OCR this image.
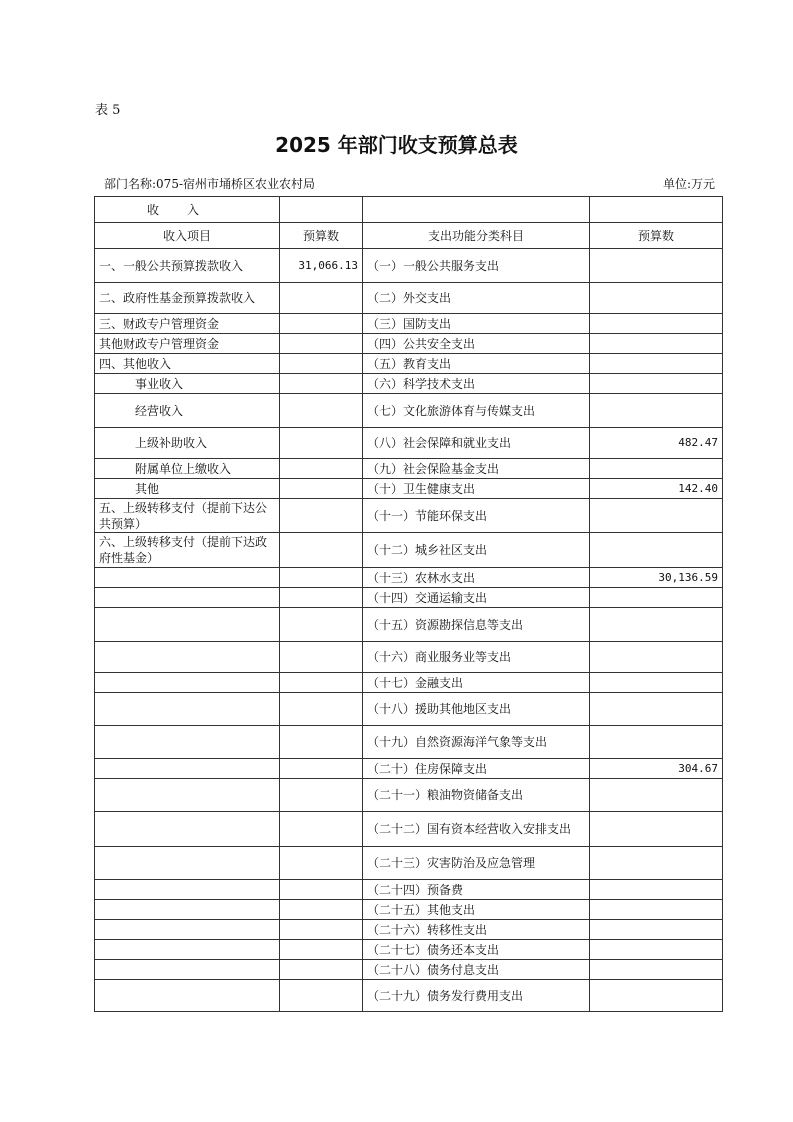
表 5
2025 年部门收支预算总表
部门名称:075-宿州市埇桥区农业农村局	单位:万元
收入			
收入项目	预算数	支出功能分类科目	预算数
一、一般公共预算拨款收入	31,066.13	（一）一般公共服务支出	
二、政府性基金预算拨款收入		（二）外交支出	
三、财政专户管理资金		（三）国防支出	
其他财政专户管理资金		（四）公共安全支出	
四、其他收入		（五）教育支出	
事业收入		（六）科学技术支出	
经营收入		（七）文化旅游体育与传媒支出	
上级补助收入		（八）社会保障和就业支出	482.47
附属单位上缴收入		（九）社会保险基金支出	
其他		（十）卫生健康支出	142.40
五、上级转移支付（提前下达公共预算）		（十一）节能环保支出	
六、上级转移支付（提前下达政府性基金）		（十二）城乡社区支出	
		（十三）农林水支出	30,136.59
		（十四）交通运输支出	
		（十五）资源勘探信息等支出	
		（十六）商业服务业等支出	
		（十七）金融支出	
		（十八）援助其他地区支出	
		（十九）自然资源海洋气象等支出	
		（二十）住房保障支出	304.67
		（二十一）粮油物资储备支出	
		（二十二）国有资本经营收入安排支出	
		（二十三）灾害防治及应急管理	
		（二十四）预备费	
		（二十五）其他支出	
		（二十六）转移性支出	
		（二十七）债务还本支出	
		（二十八）债务付息支出	
		（二十九）债务发行费用支出	
